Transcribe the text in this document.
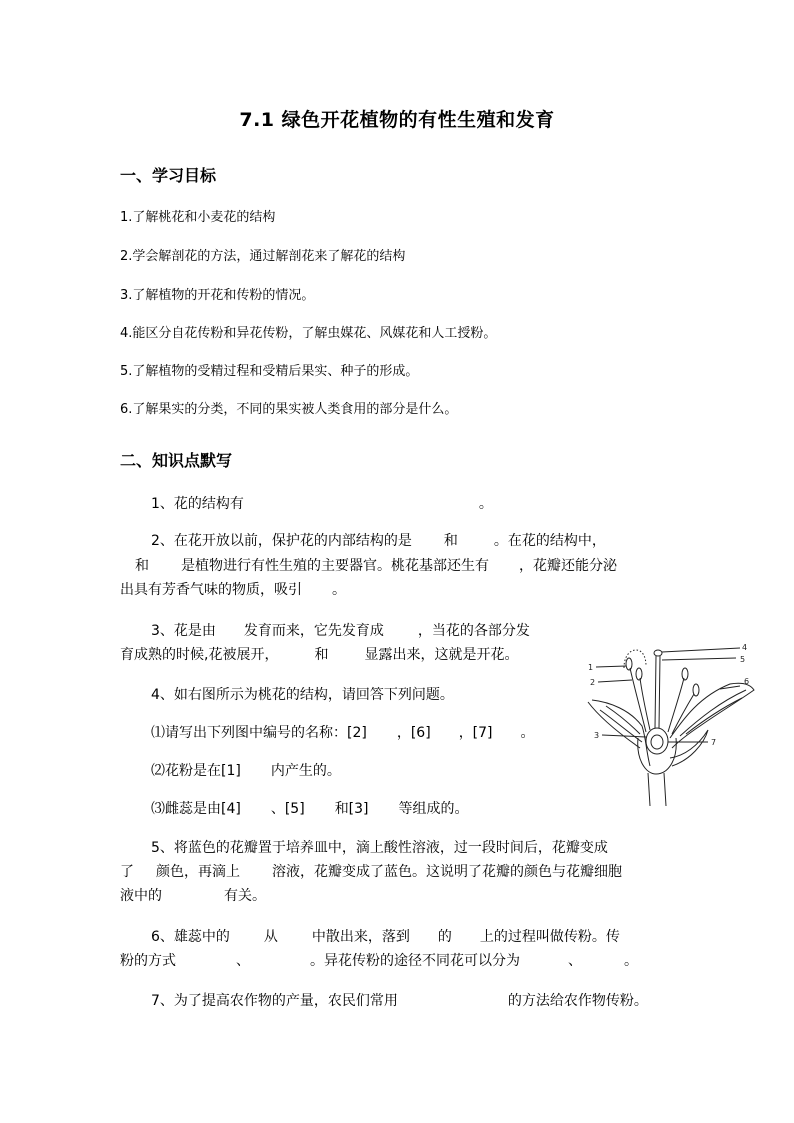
7.1 绿色开花植物的有性生殖和发育
一、学习目标
1.了解桃花和小麦花的结构
2.学会解剖花的方法，通过解剖花来了解花的结构
3.了解植物的开花和传粉的情况。
4.能区分自花传粉和异花传粉，了解虫媒花、风媒花和人工授粉。
5.了解植物的受精过程和受精后果实、种子的形成。
6.了解果实的分类，不同的果实被人类食用的部分是什么。
二、知识点默写
1、花的结构有	。
2、在花开放以前，保护花的内部结构的是 和	。在花的结构中，
和 是植物进行有性生殖的主要器官。桃花基部还生有 ，花瓣还能分泌
出具有芳香气味的物质，吸引 。
3、花是由 发育而来，它先发育成 ，当花的各部分发
育成熟的时候,花被展开，	和	显露出来，这就是开花。
4、如右图所示为桃花的结构，请回答下列问题。
⑴请写出下列图中编号的名称：[2] ，[6] ，[7] 。
⑵花粉是在[1] 内产生的。
⑶雌蕊是由[4] 、[5] 和[3] 等组成的。
5、将蓝色的花瓣置于培养皿中，滴上酸性溶液，过一段时间后，花瓣变成
了 颜色，再滴上 溶液，花瓣变成了蓝色。这说明了花瓣的颜色与花瓣细胞
液中的	有关。
6、雄蕊中的 从 中散出来，落到 的 上的过程叫做传粉。传
粉的方式	、	。异花传粉的途径不同花可以分为	、	。
7、为了提高农作物的产量，农民们常用	的方法给农作物传粉。
1
2
3
4
5
6
7
